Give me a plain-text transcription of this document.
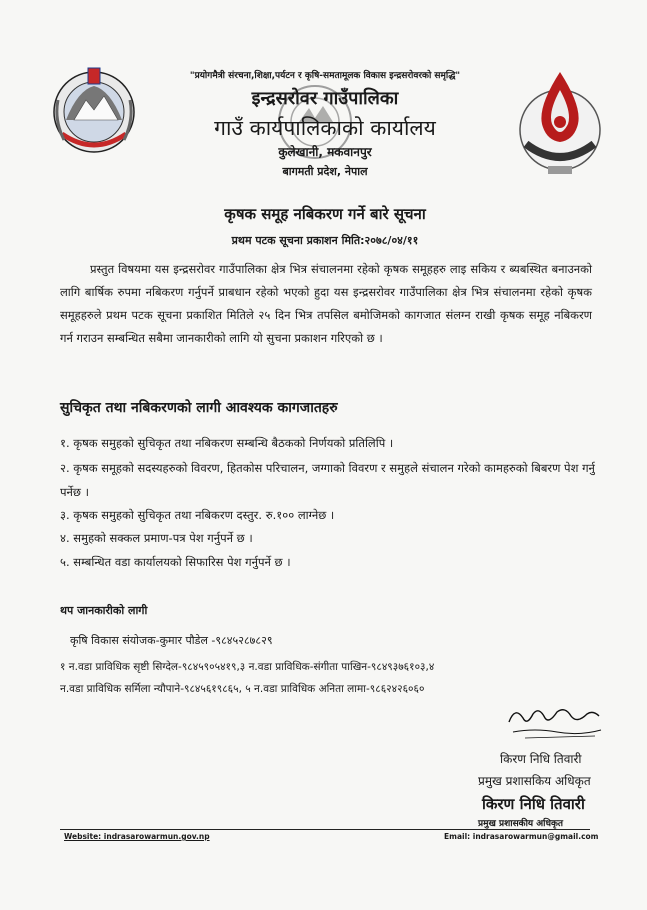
"प्रयोगमैत्री संरचना,शिक्षा,पर्यटन र कृषि-समतामूलक विकास इन्द्रसरोवरको समृद्धि"
इन्द्रसरोवर गाउँपालिका
गाउँ कार्यपालिकाको कार्यालय
कुलेखानी, मकवानपुर
बागमती प्रदेश, नेपाल
कृषक समूह नबिकरण गर्ने बारे सूचना
प्रथम पटक सूचना प्रकाशन मिति:२०७८/०४/११
प्रस्तुत विषयमा यस इन्द्रसरोवर गाउँपालिका क्षेत्र भित्र संचालनमा रहेको कृषक समूहहरु लाइ सकिय र ब्यबस्थित बनाउनको लागि बार्षिक रुपमा नबिकरण गर्नुपर्ने प्राबधान रहेको भएको हुदा यस इन्द्रसरोवर गाउँपालिका क्षेत्र भित्र संचालनमा रहेको कृषक समूहहरुले प्रथम पटक सूचना प्रकाशित मितिले २५ दिन भित्र तपसिल बमोजिमको कागजात संलग्न राखी कृषक समूह नबिकरण गर्न गराउन सम्बन्धित सबैमा जानकारीको लागि यो सुचना प्रकाशन गरिएको छ ।
सुचिकृत तथा नबिकरणको लागी आवश्यक कागजातहरु
१. कृषक समुहको सुचिकृत तथा नबिकरण सम्बन्धि बैठकको निर्णयको प्रतिलिपि ।
२. कृषक समूहको सदस्यहरुको विवरण, हितकोस परिचालन, जग्गाको विवरण र समुहले संचालन गरेको कामहरुको बिबरण पेश गर्नु पर्नेछ ।
३. कृषक समुहको सुचिकृत तथा नबिकरण दस्तुर. रु.१०० लाग्नेछ ।
४. समुहको सक्कल प्रमाण-पत्र पेश गर्नुपर्ने छ ।
५. सम्बन्धित वडा कार्यालयको सिफारिस पेश गर्नुपर्ने छ ।
थप जानकारीको लागी
कृषि विकास संयोजक-कुमार पौडेल -९८४५२८७८२९
१ न.वडा प्राविधिक सृष्टी सिग्देल-९८४५९०५४१९,३ न.वडा प्राविधिक-संगीता पाखिन-९८४९३७६१०३,४
न.वडा प्राविधिक सर्मिला न्यौपाने-९८४५६१९८६५, ५ न.वडा प्राविधिक अनिता लामा-९८६२४२६०६०
किरण निधि तिवारी
प्रमुख प्रशासकिय अधिकृत
किरण निधि तिवारी
प्रमुख प्रशासकीय अधिकृत
Website: indrasarowarmun.gov.np	Email: indrasarowarmun@gmail.com
